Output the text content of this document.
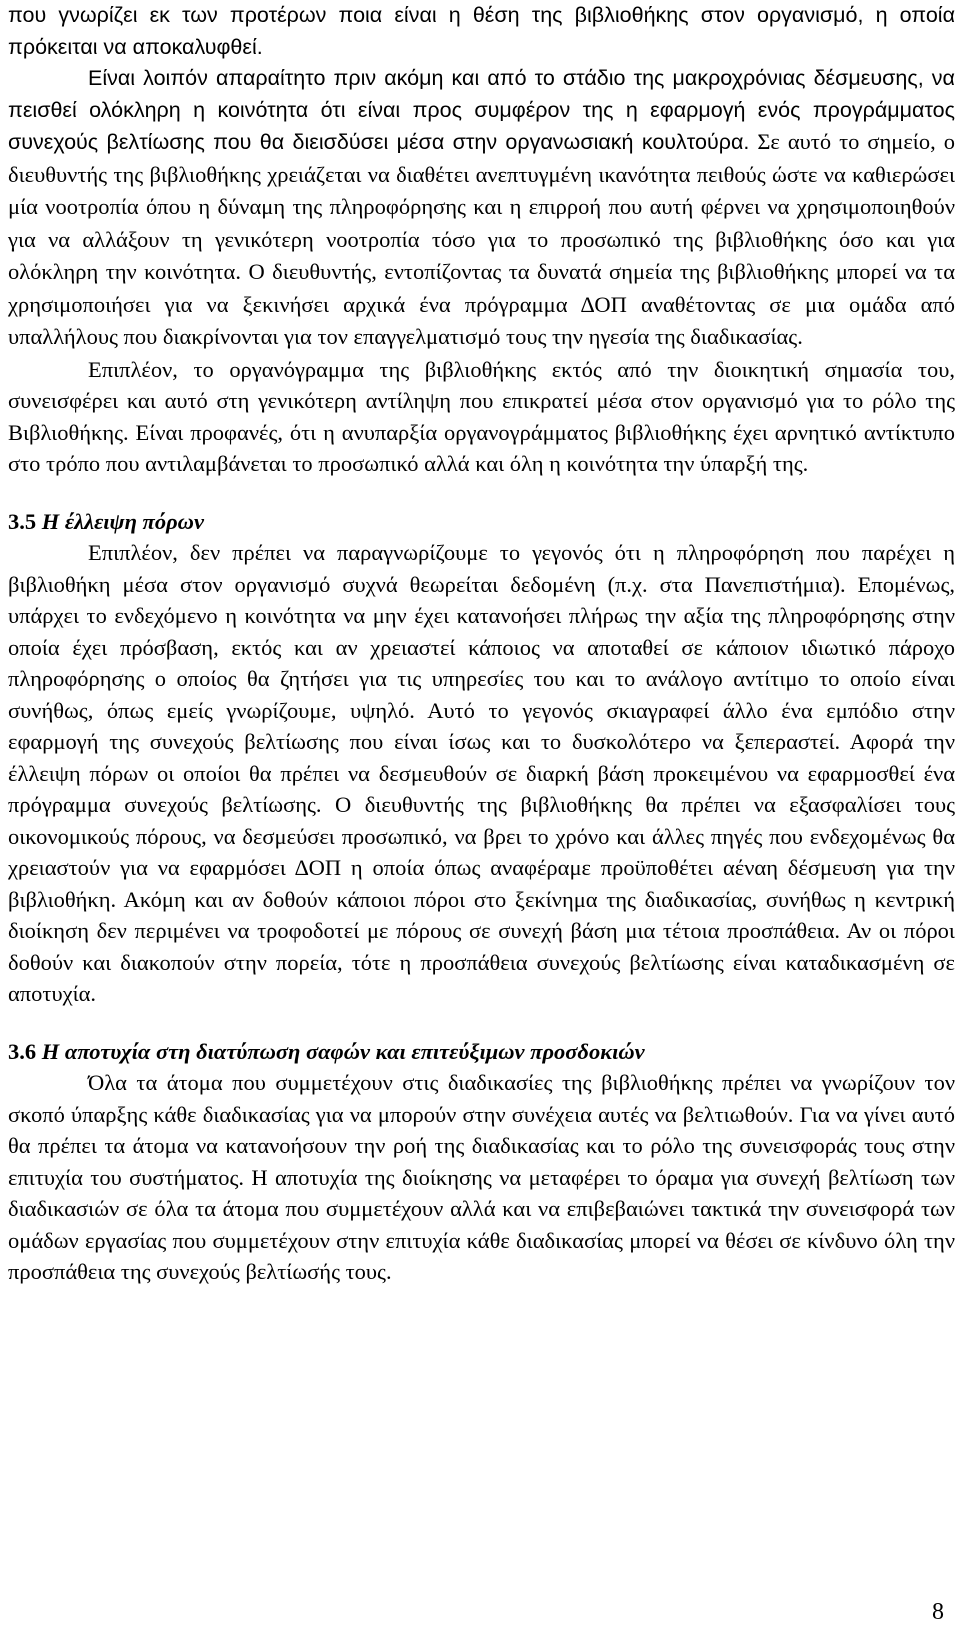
που γνωρίζει εκ των προτέρων ποια είναι η θέση της βιβλιοθήκης στον οργανισμό, η οποία πρόκειται να αποκαλυφθεί.

Είναι λοιπόν απαραίτητο πριν ακόμη και από το στάδιο της μακροχρόνιας δέσμευσης, να πεισθεί ολόκληρη η κοινότητα ότι είναι προς συμφέρον της η εφαρμογή ενός προγράμματος συνεχούς βελτίωσης που θα διεισδύσει μέσα στην οργανωσιακή κουλτούρα. Σε αυτό το σημείο, ο διευθυντής της βιβλιοθήκης χρειάζεται να διαθέτει ανεπτυγμένη ικανότητα πειθούς ώστε να καθιερώσει μία νοοτροπία όπου η δύναμη της πληροφόρησης και η επιρροή που αυτή φέρνει να χρησιμοποιηθούν για να αλλάξουν τη γενικότερη νοοτροπία τόσο για το προσωπικό της βιβλιοθήκης όσο και για ολόκληρη την κοινότητα. Ο διευθυντής, εντοπίζοντας τα δυνατά σημεία της βιβλιοθήκης μπορεί να τα χρησιμοποιήσει για να ξεκινήσει αρχικά ένα πρόγραμμα ΔΟΠ αναθέτοντας σε μια ομάδα από υπαλλήλους που διακρίνονται για τον επαγγελματισμό τους την ηγεσία της διαδικασίας.

Επιπλέον, το οργανόγραμμα της βιβλιοθήκης εκτός από την διοικητική σημασία του, συνεισφέρει και αυτό στη γενικότερη αντίληψη που επικρατεί μέσα στον οργανισμό για το ρόλο της Βιβλιοθήκης. Είναι προφανές, ότι η ανυπαρξία οργανογράμματος βιβλιοθήκης έχει αρνητικό αντίκτυπο στο τρόπο που αντιλαμβάνεται το προσωπικό αλλά και όλη η κοινότητα την ύπαρξή της.

3.5 Η έλλειψη πόρων

Επιπλέον, δεν πρέπει να παραγνωρίζουμε το γεγονός ότι η πληροφόρηση που παρέχει η βιβλιοθήκη μέσα στον οργανισμό συχνά θεωρείται δεδομένη (π.χ. στα Πανεπιστήμια). Επομένως, υπάρχει το ενδεχόμενο η κοινότητα να μην έχει κατανοήσει πλήρως την αξία της πληροφόρησης στην οποία έχει πρόσβαση, εκτός και αν χρειαστεί κάποιος να αποταθεί σε κάποιον ιδιωτικό πάροχο πληροφόρησης ο οποίος θα ζητήσει για τις υπηρεσίες του και το ανάλογο αντίτιμο το οποίο είναι συνήθως, όπως εμείς γνωρίζουμε, υψηλό. Αυτό το γεγονός σκιαγραφεί άλλο ένα εμπόδιο στην εφαρμογή της συνεχούς βελτίωσης που είναι ίσως και το δυσκολότερο να ξεπεραστεί. Αφορά την έλλειψη πόρων οι οποίοι θα πρέπει να δεσμευθούν σε διαρκή βάση προκειμένου να εφαρμοσθεί ένα πρόγραμμα συνεχούς βελτίωσης. Ο διευθυντής της βιβλιοθήκης θα πρέπει να εξασφαλίσει τους οικονομικούς πόρους, να δεσμεύσει προσωπικό, να βρει το χρόνο και άλλες πηγές που ενδεχομένως θα χρειαστούν για να εφαρμόσει ΔΟΠ η οποία όπως αναφέραμε προϋποθέτει αέναη δέσμευση για την βιβλιοθήκη. Ακόμη και αν δοθούν κάποιοι πόροι στο ξεκίνημα της διαδικασίας, συνήθως η κεντρική διοίκηση δεν περιμένει να τροφοδοτεί με πόρους σε συνεχή βάση μια τέτοια προσπάθεια. Αν οι πόροι δοθούν και διακοπούν στην πορεία, τότε η προσπάθεια συνεχούς βελτίωσης είναι καταδικασμένη σε αποτυχία.

3.6 Η αποτυχία στη διατύπωση σαφών και επιτεύξιμων προσδοκιών

Όλα τα άτομα που συμμετέχουν στις διαδικασίες της βιβλιοθήκης πρέπει να γνωρίζουν τον σκοπό ύπαρξης κάθε διαδικασίας για να μπορούν στην συνέχεια αυτές να βελτιωθούν. Για να γίνει αυτό θα πρέπει τα άτομα να κατανοήσουν την ροή της διαδικασίας και το ρόλο της συνεισφοράς τους στην επιτυχία του συστήματος. Η αποτυχία της διοίκησης να μεταφέρει το όραμα για συνεχή βελτίωση των διαδικασιών σε όλα τα άτομα που συμμετέχουν αλλά και να επιβεβαιώνει τακτικά την συνεισφορά των ομάδων εργασίας που συμμετέχουν στην επιτυχία κάθε διαδικασίας μπορεί να θέσει σε κίνδυνο όλη την προσπάθεια της συνεχούς βελτίωσής τους.

8
